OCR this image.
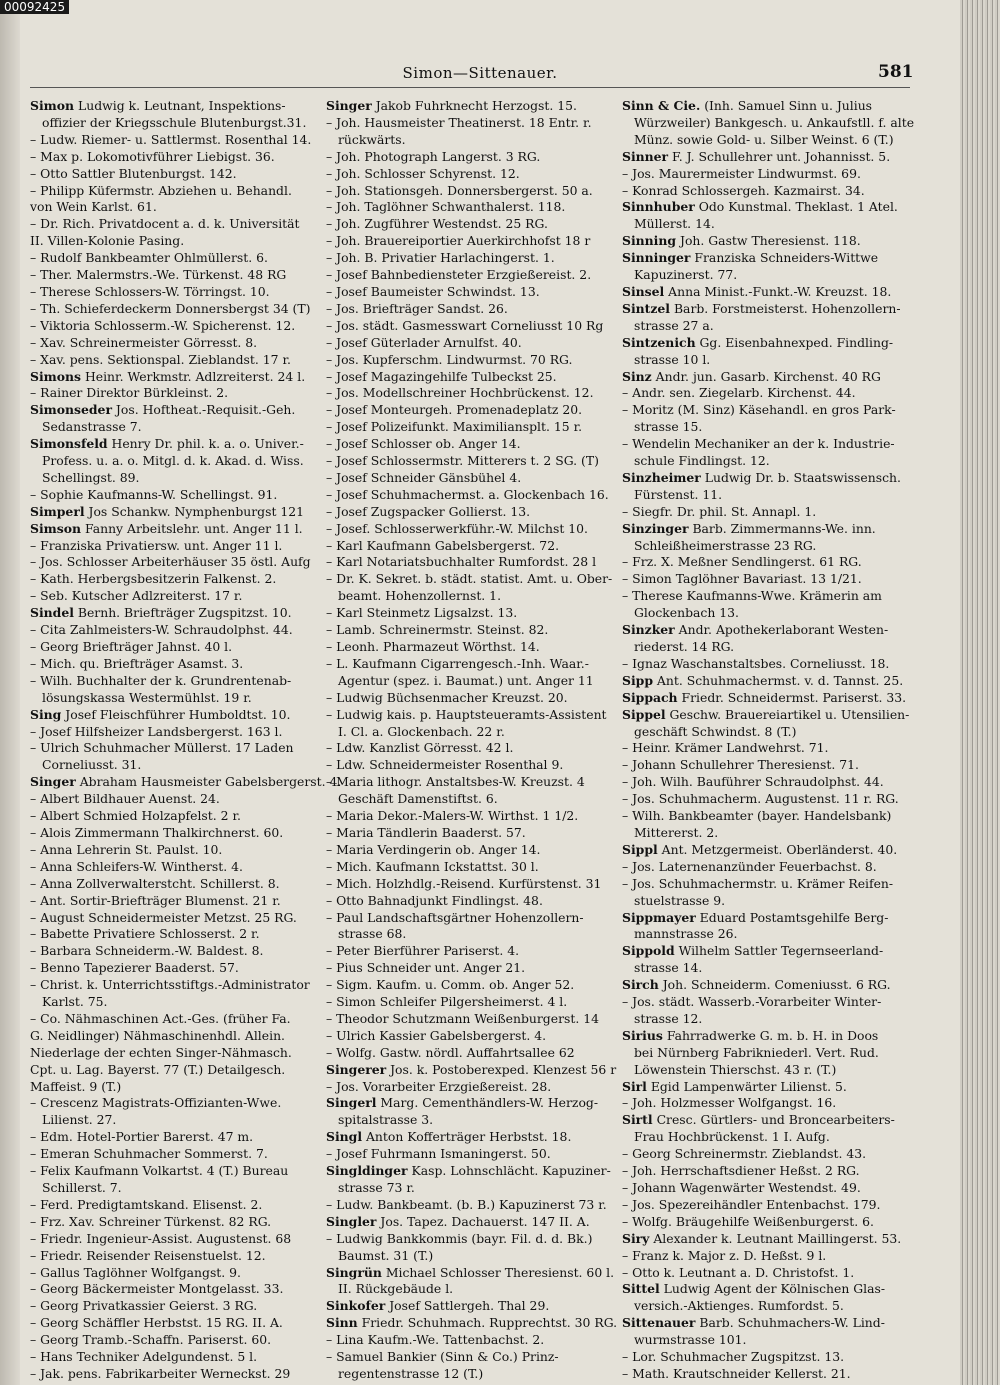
Simon—Sittenauer.	581
Simon Ludwig k. Leutnant, Inspektions-
offizier der Kriegsschule Blutenburgst.31.
– Ludw. Riemer- u. Sattlermst. Rosenthal 14.
– Max p. Lokomotivführer Liebigst. 36.
– Otto Sattler Blutenburgst. 142.
– Philipp Küfermstr. Abziehen u. Behandl.
von Wein Karlst. 61.
– Dr. Rich. Privatdocent a. d. k. Universität
II. Villen-Kolonie Pasing.
– Rudolf Bankbeamter Ohlmüllerst. 6.
– Ther. Malermstrs.-We. Türkenst. 48 RG
– Therese Schlossers-W. Törringst. 10.
– Th. Schieferdeckerm Donnersbergst 34 (T)
– Viktoria Schlosserm.-W. Spicherenst. 12.
– Xav. Schreinermeister Görresst. 8.
– Xav. pens. Sektionspal. Zieblandst. 17 r.
Simons Heinr. Werkmstr. Adlzreiterst. 24 l.
– Rainer Direktor Bürkleinst. 2.
Simonseder Jos. Hoftheat.-Requisit.-Geh.
Sedanstrasse 7.
Simonsfeld Henry Dr. phil. k. a. o. Univer.-
Profess. u. a. o. Mitgl. d. k. Akad. d. Wiss.
Schellingst. 89.
– Sophie Kaufmanns-W. Schellingst. 91.
Simperl Jos Schankw. Nymphenburgst 121
Simson Fanny Arbeitslehr. unt. Anger 11 l.
– Franziska Privatiersw. unt. Anger 11 l.
– Jos. Schlosser Arbeiterhäuser 35 östl. Aufg
– Kath. Herbergsbesitzerin Falkenst. 2.
– Seb. Kutscher Adlzreiterst. 17 r.
Sindel Bernh. Briefträger Zugspitzst. 10.
– Cita Zahlmeisters-W. Schraudolphst. 44.
– Georg Briefträger Jahnst. 40 l.
– Mich. qu. Briefträger Asamst. 3.
– Wilh. Buchhalter der k. Grundrentenab-
lösungskassa Westermühlst. 19 r.
Sing Josef Fleischführer Humboldtst. 10.
– Josef Hilfsheizer Landsbergerst. 163 l.
– Ulrich Schuhmacher Müllerst. 17 Laden
Corneliusst. 31.
Singer Abraham Hausmeister Gabelsbergerst. 4.
– Albert Bildhauer Auenst. 24.
– Albert Schmied Holzapfelst. 2 r.
– Alois Zimmermann Thalkirchnerst. 60.
– Anna Lehrerin St. Paulst. 10.
– Anna Schleifers-W. Wintherst. 4.
– Anna Zollverwalterstcht. Schillerst. 8.
– Ant. Sortir-Briefträger Blumenst. 21 r.
– August Schneidermeister Metzst. 25 RG.
– Babette Privatiere Schlosserst. 2 r.
– Barbara Schneiderm.-W. Baldest. 8.
– Benno Tapezierer Baaderst. 57.
– Christ. k. Unterrichtsstiftgs.-Administrator
Karlst. 75.
– Co. Nähmaschinen Act.-Ges. (früher Fa.
G. Neidlinger) Nähmaschinenhdl. Allein.
Niederlage der echten Singer-Nähmasch.
Cpt. u. Lag. Bayerst. 77 (T.) Detailgesch.
Maffeist. 9 (T.)
– Crescenz Magistrats-Offizianten-Wwe.
Lilienst. 27.
– Edm. Hotel-Portier Barerst. 47 m.
– Emeran Schuhmacher Sommerst. 7.
– Felix Kaufmann Volkartst. 4 (T.) Bureau
Schillerst. 7.
– Ferd. Predigtamtskand. Elisenst. 2.
– Frz. Xav. Schreiner Türkenst. 82 RG.
– Friedr. Ingenieur-Assist. Augustenst. 68
– Friedr. Reisender Reisenstuelst. 12.
– Gallus Taglöhner Wolfgangst. 9.
– Georg Bäckermeister Montgelasst. 33.
– Georg Privatkassier Geierst. 3 RG.
– Georg Schäffler Herbstst. 15 RG. II. A.
– Georg Tramb.-Schaffn. Pariserst. 60.
– Hans Techniker Adelgundenst. 5 l.
– Jak. pens. Fabrikarbeiter Werneckst. 29
Singer Jakob Fuhrknecht Herzogst. 15.
– Joh. Hausmeister Theatinerst. 18 Entr. r.
rückwärts.
– Joh. Photograph Langerst. 3 RG.
– Joh. Schlosser Schyrenst. 12.
– Joh. Stationsgeh. Donnersbergerst. 50 a.
– Joh. Taglöhner Schwanthalerst. 118.
– Joh. Zugführer Westendst. 25 RG.
– Joh. Brauereiportier Auerkirchhofst 18 r
– Joh. B. Privatier Harlachingerst. 1.
– Josef Bahnbediensteter Erzgießereist. 2.
– Josef Baumeister Schwindst. 13.
– Jos. Briefträger Sandst. 26.
– Jos. städt. Gasmesswart Corneliusst 10 Rg
– Josef Güterlader Arnulfst. 40.
– Jos. Kupferschm. Lindwurmst. 70 RG.
– Josef Magazingehilfe Tulbeckst 25.
– Jos. Modellschreiner Hochbrückenst. 12.
– Josef Monteurgeh. Promenadeplatz 20.
– Josef Polizeifunkt. Maximiliansplt. 15 r.
– Josef Schlosser ob. Anger 14.
– Josef Schlossermstr. Mitterers t. 2 SG. (T)
– Josef Schneider Gänsbühel 4.
– Josef Schuhmachermst. a. Glockenbach 16.
– Josef Zugspacker Gollierst. 13.
– Josef. Schlosserwerkführ.-W. Milchst 10.
– Karl Kaufmann Gabelsbergerst. 72.
– Karl Notariatsbuchhalter Rumfordst. 28 l
– Dr. K. Sekret. b. städt. statist. Amt. u. Ober-
beamt. Hohenzollernst. 1.
– Karl Steinmetz Ligsalzst. 13.
– Lamb. Schreinermstr. Steinst. 82.
– Leonh. Pharmazeut Wörthst. 14.
– L. Kaufmann Cigarrengesch.-Inh. Waar.-
Agentur (spez. i. Baumat.) unt. Anger 11
– Ludwig Büchsenmacher Kreuzst. 20.
– Ludwig kais. p. Hauptsteueramts-Assistent
I. Cl. a. Glockenbach. 22 r.
– Ldw. Kanzlist Görresst. 42 l.
– Ldw. Schneidermeister Rosenthal 9.
– Maria lithogr. Anstaltsbes-W. Kreuzst. 4
Geschäft Damenstiftst. 6.
– Maria Dekor.-Malers-W. Wirthst. 1 1/2.
– Maria Tändlerin Baaderst. 57.
– Maria Verdingerin ob. Anger 14.
– Mich. Kaufmann Ickstattst. 30 l.
– Mich. Holzhdlg.-Reisend. Kurfürstenst. 31
– Otto Bahnadjunkt Findlingst. 48.
– Paul Landschaftsgärtner Hohenzollern-
strasse 68.
– Peter Bierführer Pariserst. 4.
– Pius Schneider unt. Anger 21.
– Sigm. Kaufm. u. Comm. ob. Anger 52.
– Simon Schleifer Pilgersheimerst. 4 l.
– Theodor Schutzmann Weißenburgerst. 14
– Ulrich Kassier Gabelsbergerst. 4.
– Wolfg. Gastw. nördl. Auffahrtsallee 62
Singerer Jos. k. Postoberexped. Klenzest 56 r
– Jos. Vorarbeiter Erzgießereist. 28.
Singerl Marg. Cementhändlers-W. Herzog-
spitalstrasse 3.
Singl Anton Kofferträger Herbstst. 18.
– Josef Fuhrmann Ismaningerst. 50.
Singldinger Kasp. Lohnschlächt. Kapuziner-
strasse 73 r.
– Ludw. Bankbeamt. (b. B.) Kapuzinerst 73 r.
Singler Jos. Tapez. Dachauerst. 147 II. A.
– Ludwig Bankkommis (bayr. Fil. d. d. Bk.)
Baumst. 31 (T.)
Singrün Michael Schlosser Theresienst. 60 l.
II. Rückgebäude l.
Sinkofer Josef Sattlergeh. Thal 29.
Sinn Friedr. Schuhmach. Rupprechtst. 30 RG.
– Lina Kaufm.-We. Tattenbachst. 2.
– Samuel Bankier (Sinn & Co.) Prinz-
regentenstrasse 12 (T.)
Sinn & Cie. (Inh. Samuel Sinn u. Julius
Würzweiler) Bankgesch. u. Ankaufstll. f. alte
Münz. sowie Gold- u. Silber Weinst. 6 (T.)
Sinner F. J. Schullehrer unt. Johannisst. 5.
– Jos. Maurermeister Lindwurmst. 69.
– Konrad Schlossergeh. Kazmairst. 34.
Sinnhuber Odo Kunstmal. Theklast. 1 Atel.
Müllerst. 14.
Sinning Joh. Gastw Theresienst. 118.
Sinninger Franziska Schneiders-Wittwe
Kapuzinerst. 77.
Sinsel Anna Minist.-Funkt.-W. Kreuzst. 18.
Sintzel Barb. Forstmeisterst. Hohenzollern-
strasse 27 a.
Sintzenich Gg. Eisenbahnexped. Findling-
strasse 10 l.
Sinz Andr. jun. Gasarb. Kirchenst. 40 RG
– Andr. sen. Ziegelarb. Kirchenst. 44.
– Moritz (M. Sinz) Käsehandl. en gros Park-
strasse 15.
– Wendelin Mechaniker an der k. Industrie-
schule Findlingst. 12.
Sinzheimer Ludwig Dr. b. Staatswissensch.
Fürstenst. 11.
– Siegfr. Dr. phil. St. Annapl. 1.
Sinzinger Barb. Zimmermanns-We. inn.
Schleißheimerstrasse 23 RG.
– Frz. X. Meßner Sendlingerst. 61 RG.
– Simon Taglöhner Bavariast. 13 1/21.
– Therese Kaufmanns-Wwe. Krämerin am
Glockenbach 13.
Sinzker Andr. Apothekerlaborant Westen-
riederst. 14 RG.
– Ignaz Waschanstaltsbes. Corneliusst. 18.
Sipp Ant. Schuhmachermst. v. d. Tannst. 25.
Sippach Friedr. Schneidermst. Pariserst. 33.
Sippel Geschw. Brauereiartikel u. Utensilien-
geschäft Schwindst. 8 (T.)
– Heinr. Krämer Landwehrst. 71.
– Johann Schullehrer Theresienst. 71.
– Joh. Wilh. Bauführer Schraudolphst. 44.
– Jos. Schuhmacherm. Augustenst. 11 r. RG.
– Wilh. Bankbeamter (bayer. Handelsbank)
Mittererst. 2.
Sippl Ant. Metzgermeist. Oberländerst. 40.
– Jos. Laternenanzünder Feuerbachst. 8.
– Jos. Schuhmachermstr. u. Krämer Reifen-
stuelstrasse 9.
Sippmayer Eduard Postamtsgehilfe Berg-
mannstrasse 26.
Sippold Wilhelm Sattler Tegernseerland-
strasse 14.
Sirch Joh. Schneiderm. Comeniusst. 6 RG.
– Jos. städt. Wasserb.-Vorarbeiter Winter-
strasse 12.
Sirius Fahrradwerke G. m. b. H. in Doos
bei Nürnberg Fabrikniederl. Vert. Rud.
Löwenstein Thierschst. 43 r. (T.)
Sirl Egid Lampenwärter Lilienst. 5.
– Joh. Holzmesser Wolfgangst. 16.
Sirtl Cresc. Gürtlers- und Broncearbeiters-
Frau Hochbrückenst. 1 I. Aufg.
– Georg Schreinermstr. Zieblandst. 43.
– Joh. Herrschaftsdiener Heßst. 2 RG.
– Johann Wagenwärter Westendst. 49.
– Jos. Spezereihändler Entenbachst. 179.
– Wolfg. Bräugehilfe Weißenburgerst. 6.
Siry Alexander k. Leutnant Maillingerst. 53.
– Franz k. Major z. D. Heßst. 9 l.
– Otto k. Leutnant a. D. Christofst. 1.
Sittel Ludwig Agent der Kölnischen Glas-
versich.-Aktienges. Rumfordst. 5.
Sittenauer Barb. Schuhmachers-W. Lind-
wurmstrasse 101.
– Lor. Schuhmacher Zugspitzst. 13.
– Math. Krautschneider Kellerst. 21.
00092425
